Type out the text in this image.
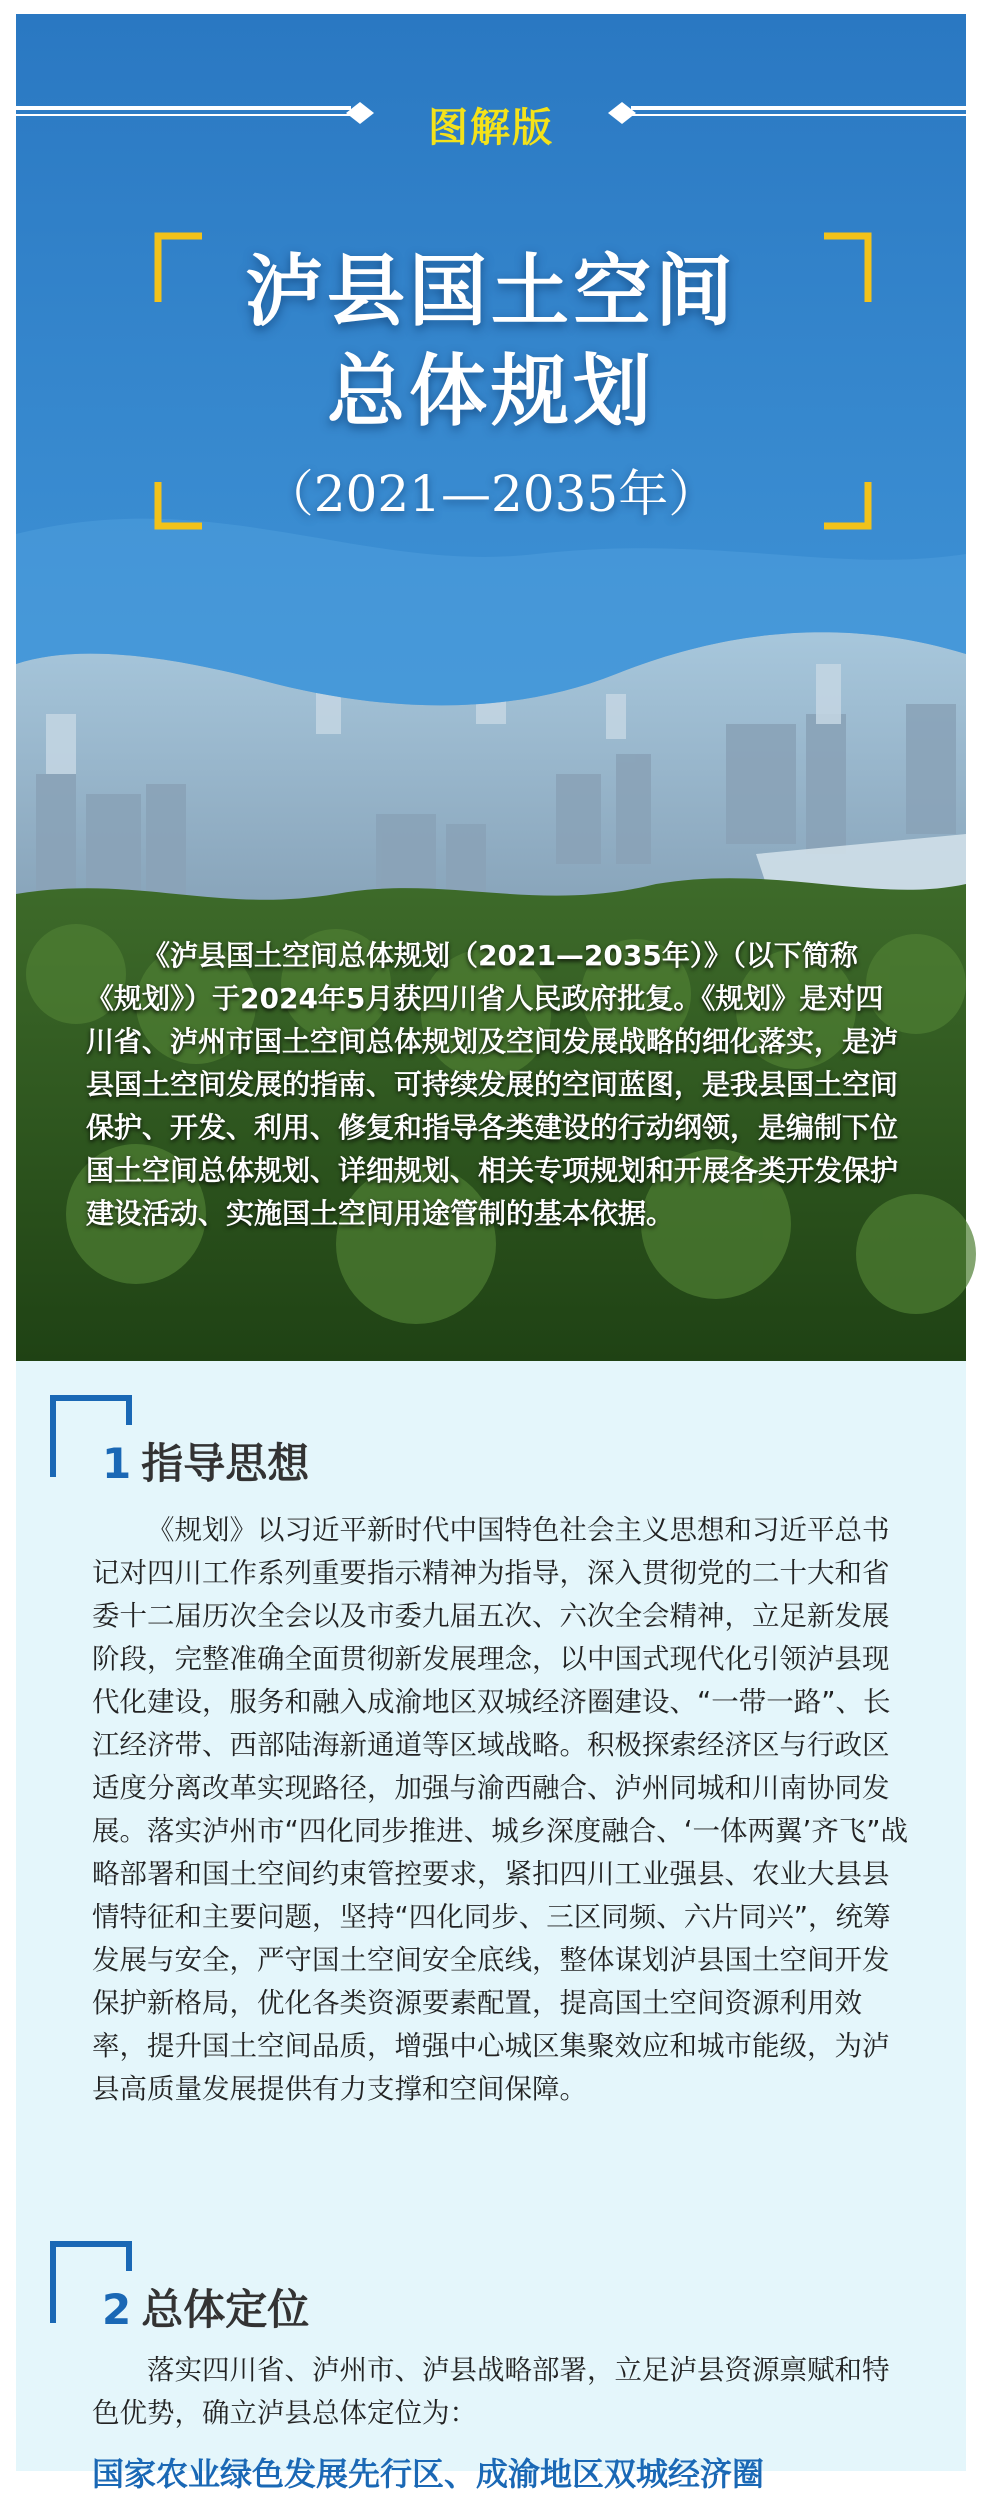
图解版
泸县国土空间
总体规划
（2021—2035年）
《泸县国土空间总体规划（2021—2035年）》（以下简称《规划》）于2024年5月获四川省人民政府批复。《规划》是对四川省、泸州市国土空间总体规划及空间发展战略的细化落实，是泸县国土空间发展的指南、可持续发展的空间蓝图，是我县国土空间保护、开发、利用、修复和指导各类建设的行动纲领，是编制下位国土空间总体规划、详细规划、相关专项规划和开展各类开发保护建设活动、实施国土空间用途管制的基本依据。
1 指导思想
《规划》以习近平新时代中国特色社会主义思想和习近平总书记对四川工作系列重要指示精神为指导，深入贯彻党的二十大和省委十二届历次全会以及市委九届五次、六次全会精神，立足新发展阶段，完整准确全面贯彻新发展理念，以中国式现代化引领泸县现代化建设，服务和融入成渝地区双城经济圈建设、“一带一路”、长江经济带、西部陆海新通道等区域战略。积极探索经济区与行政区适度分离改革实现路径，加强与渝西融合、泸州同城和川南协同发展。落实泸州市“四化同步推进、城乡深度融合、‘一体两翼’齐飞”战略部署和国土空间约束管控要求，紧扣四川工业强县、农业大县县情特征和主要问题，坚持“四化同步、三区同频、六片同兴”，统筹发展与安全，严守国土空间安全底线，整体谋划泸县国土空间开发保护新格局，优化各类资源要素配置，提高国土空间资源利用效率，提升国土空间品质，增强中心城区集聚效应和城市能级，为泸县高质量发展提供有力支撑和空间保障。
2 总体定位
落实四川省、泸州市、泸县战略部署，立足泸县资源禀赋和特色优势，确立泸县总体定位为：
国家农业绿色发展先行区、成渝地区双城经济圈
